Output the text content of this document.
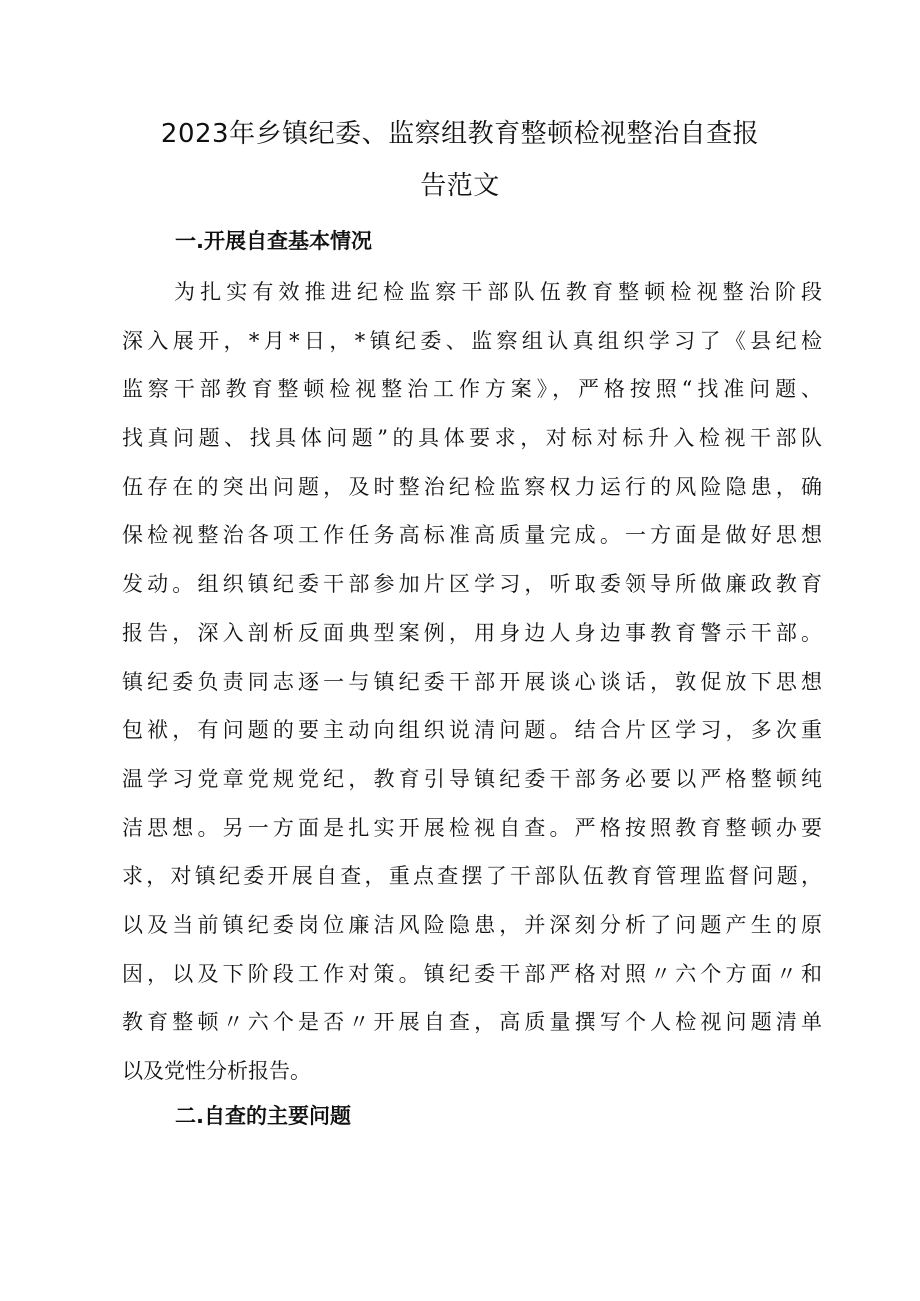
2023年乡镇纪委、监察组教育整顿检视整治自查报
告范文
一.开展自查基本情况
为扎实有效推进纪检监察干部队伍教育整顿检视整治阶段
深入展开，*月*日，*镇纪委、监察组认真组织学习了《县纪检
监察干部教育整顿检视整治工作方案》，严格按照“找准问题、
找真问题、找具体问题”的具体要求，对标对标升入检视干部队
伍存在的突出问题，及时整治纪检监察权力运行的风险隐患，确
保检视整治各项工作任务高标准高质量完成。一方面是做好思想
发动。组织镇纪委干部参加片区学习，听取委领导所做廉政教育
报告，深入剖析反面典型案例，用身边人身边事教育警示干部。
镇纪委负责同志逐一与镇纪委干部开展谈心谈话，敦促放下思想
包袱，有问题的要主动向组织说清问题。结合片区学习，多次重
温学习党章党规党纪，教育引导镇纪委干部务必要以严格整顿纯
洁思想。另一方面是扎实开展检视自查。严格按照教育整顿办要
求，对镇纪委开展自查，重点查摆了干部队伍教育管理监督问题，
以及当前镇纪委岗位廉洁风险隐患，并深刻分析了问题产生的原
因，以及下阶段工作对策。镇纪委干部严格对照〃六个方面〃和
教育整顿〃六个是否〃开展自查，高质量撰写个人检视问题清单
以及党性分析报告。
二.自查的主要问题
